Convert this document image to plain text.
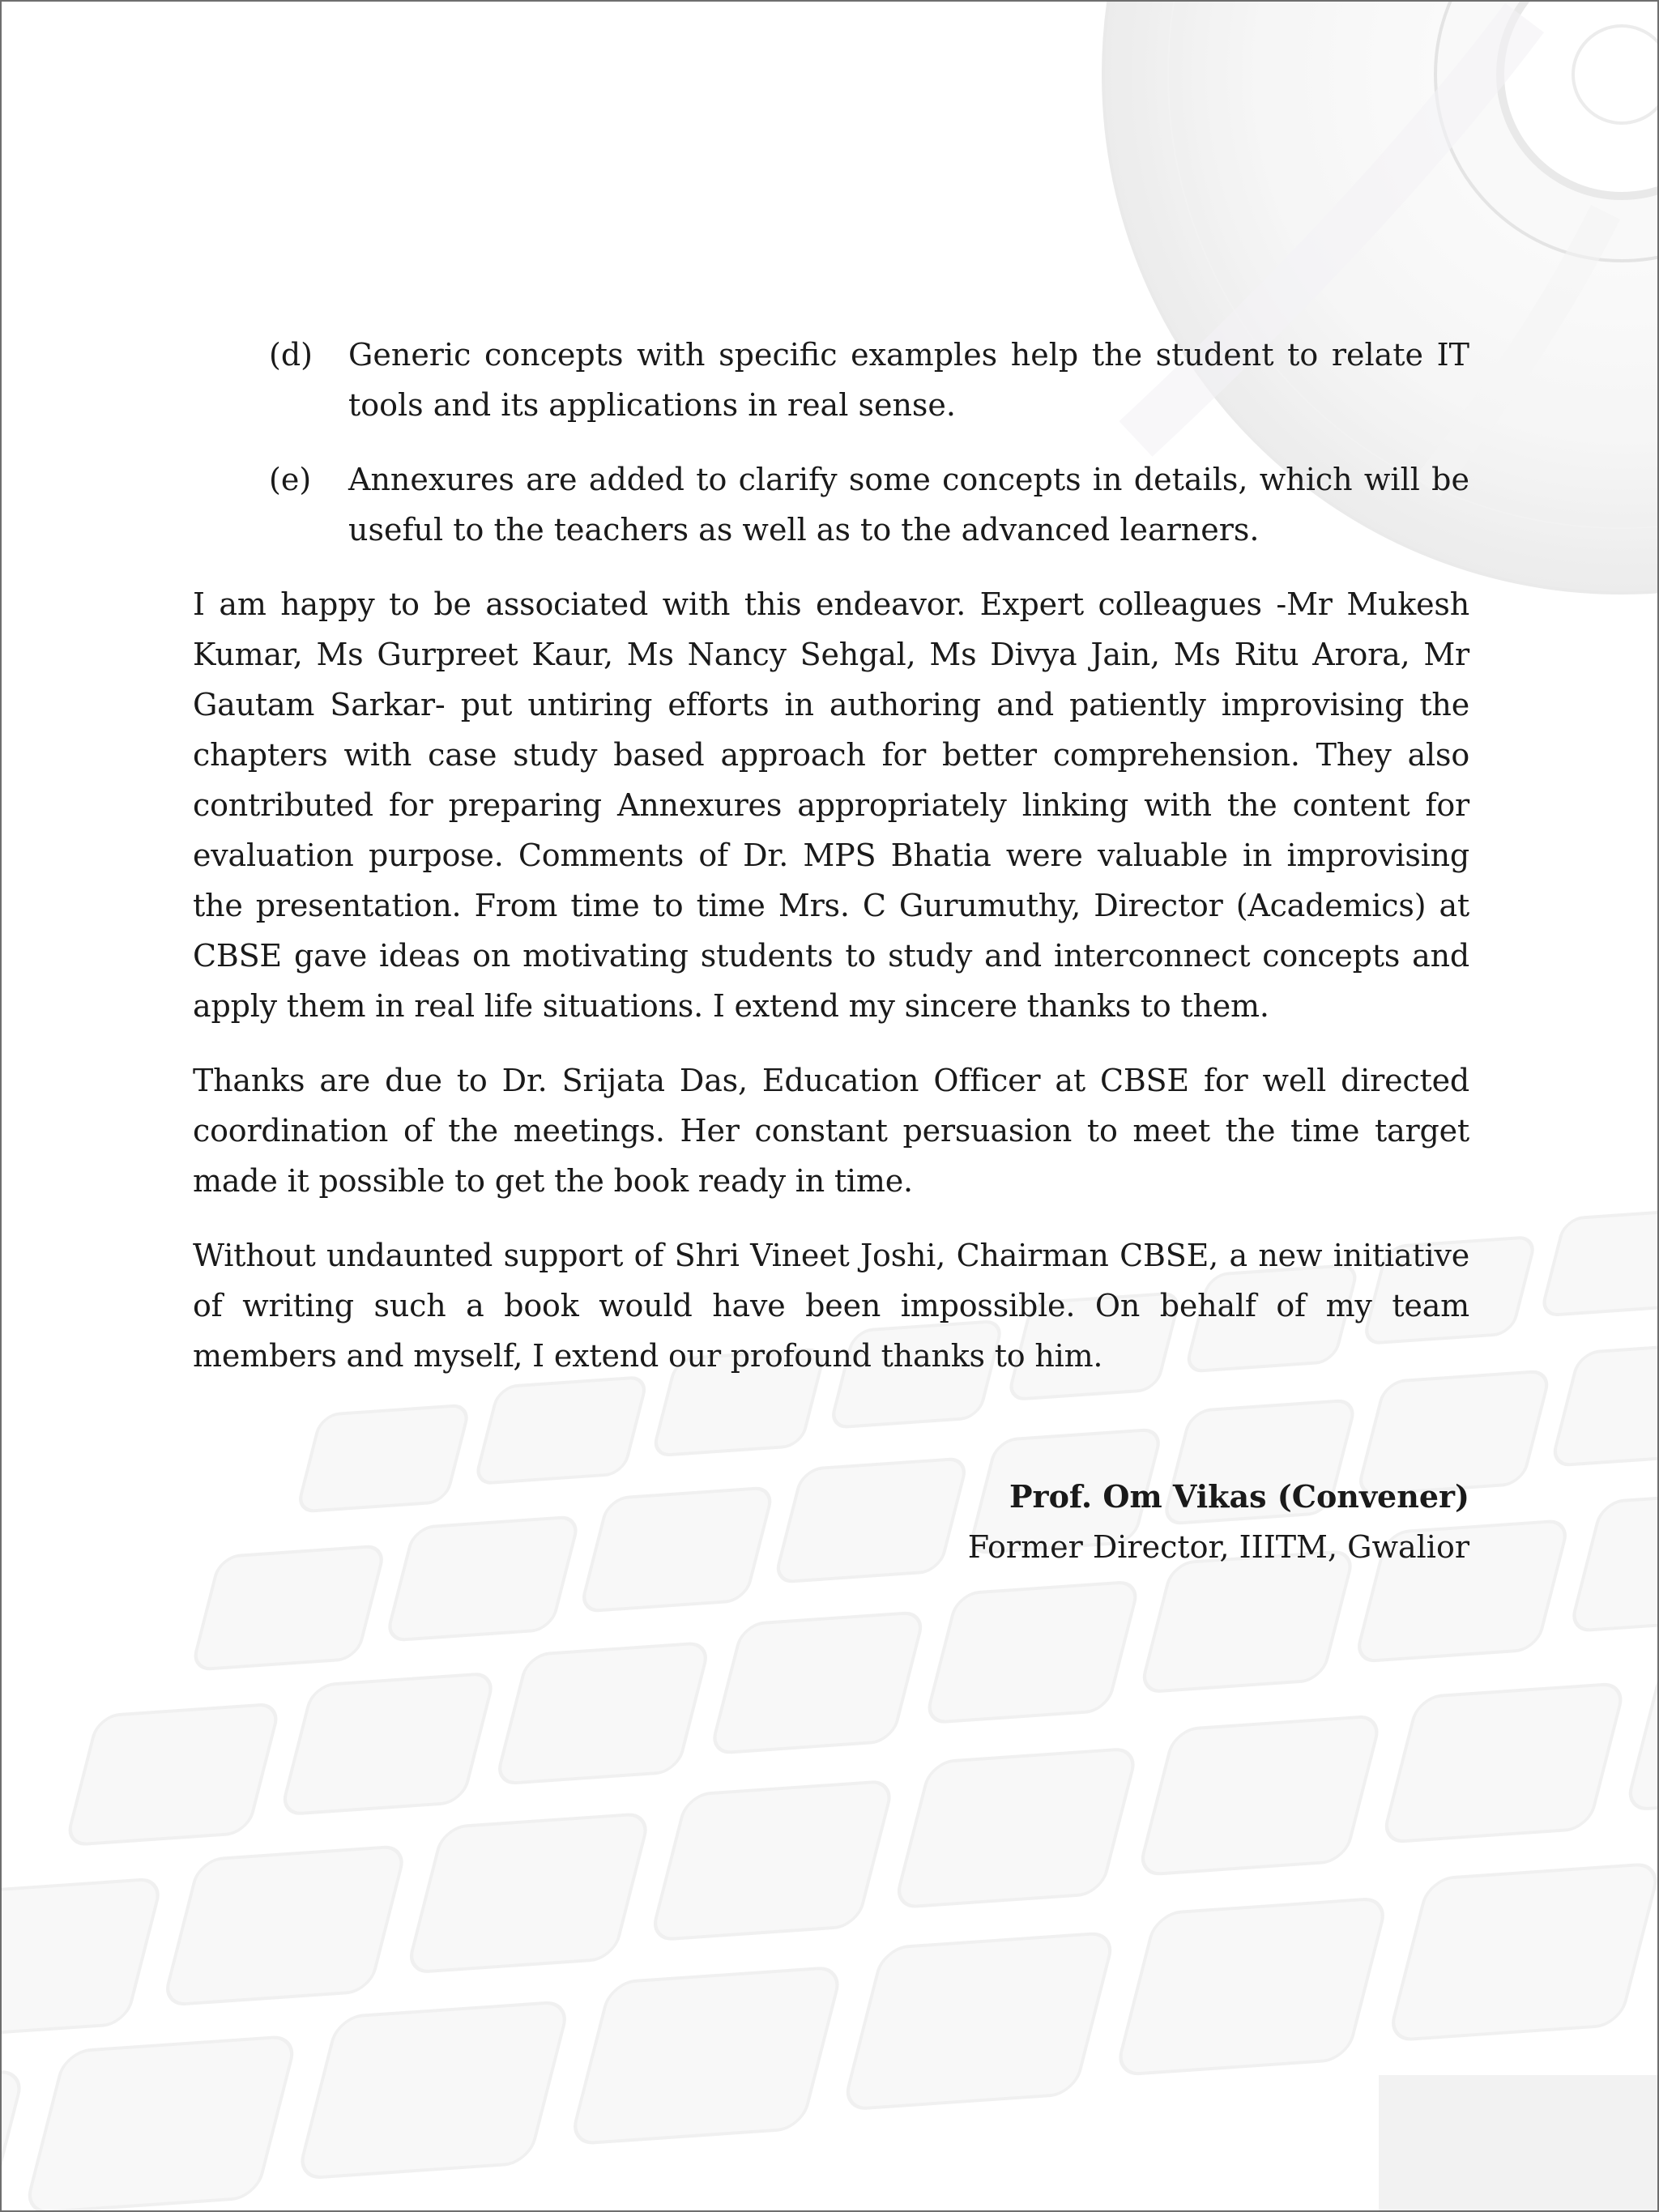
(d) Generic concepts with specific examples help the student to relate IT tools and its applications in real sense.
(e) Annexures are added to clarify some concepts in details, which will be useful to the teachers as well as to the advanced learners.

I am happy to be associated with this endeavor. Expert colleagues -Mr Mukesh Kumar, Ms Gurpreet Kaur, Ms Nancy Sehgal, Ms Divya Jain, Ms Ritu Arora, Mr Gautam Sarkar- put untiring efforts in authoring and patiently improvising the chapters with case study based approach for better comprehension. They also contributed for preparing Annexures appropriately linking with the content for evaluation purpose. Comments of Dr. MPS Bhatia were valuable in improvising the presentation. From time to time Mrs. C Gurumuthy, Director (Academics) at CBSE gave ideas on motivating students to study and interconnect concepts and apply them in real life situations. I extend my sincere thanks to them.

Thanks are due to Dr. Srijata Das, Education Officer at CBSE for well directed coordination of the meetings. Her constant persuasion to meet the time target made it possible to get the book ready in time.

Without undaunted support of Shri Vineet Joshi, Chairman CBSE, a new initiative of writing such a book would have been impossible. On behalf of my team members and myself, I extend our profound thanks to him.

Prof. Om Vikas (Convener)
Former Director, IIITM, Gwalior
